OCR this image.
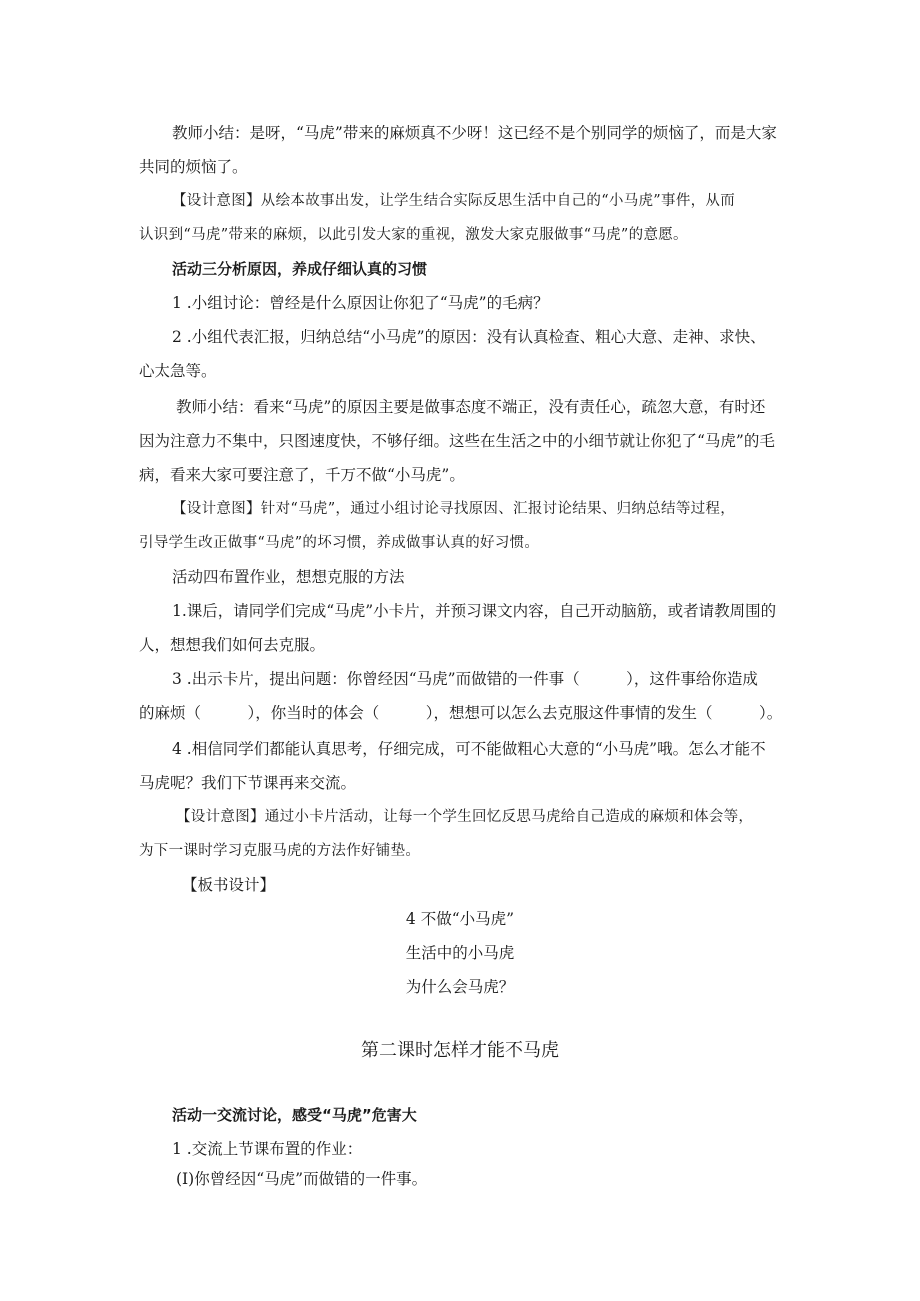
教师小结：是呀，“马虎”带来的麻烦真不少呀！这已经不是个别同学的烦恼了，而是大家
共同的烦恼了。
【设计意图】从绘本故事出发，让学生结合实际反思生活中自己的“小马虎”事件，从而
认识到“马虎”带来的麻烦，以此引发大家的重视，激发大家克服做事“马虎”的意愿。
活动三分析原因，养成仔细认真的习惯
1 .小组讨论：曾经是什么原因让你犯了“马虎”的毛病？
2 .小组代表汇报，归纳总结“小马虎”的原因：没有认真检查、粗心大意、走神、求快、
心太急等。
教师小结：看来“马虎”的原因主要是做事态度不端正，没有责任心，疏忽大意，有时还
因为注意力不集中，只图速度快，不够仔细。这些在生活之中的小细节就让你犯了“马虎”的毛
病，看来大家可要注意了，千万不做“小马虎”。
【设计意图】针对“马虎”，通过小组讨论寻找原因、汇报讨论结果、归纳总结等过程，
引导学生改正做事“马虎”的坏习惯，养成做事认真的好习惯。
活动四布置作业，想想克服的方法
1.课后，请同学们完成“马虎”小卡片，并预习课文内容，自己开动脑筋，或者请教周围的
人，想想我们如何去克服。
3 .出示卡片，提出问题：你曾经因“马虎”而做错的一件事（　　　），这件事给你造成
的麻烦（　　　），你当时的体会（　　　），想想可以怎么去克服这件事情的发生（　　　）。
4 .相信同学们都能认真思考，仔细完成，可不能做粗心大意的“小马虎”哦。怎么才能不
马虎呢？我们下节课再来交流。
【设计意图】通过小卡片活动，让每一个学生回忆反思马虎给自己造成的麻烦和体会等，
为下一课时学习克服马虎的方法作好铺垫。
【板书设计】
4 不做“小马虎”
生活中的小马虎
为什么会马虎？
第二课时怎样才能不马虎
活动一交流讨论，感受“马虎”危害大
1 .交流上节课布置的作业：
(I)你曾经因“马虎”而做错的一件事。
